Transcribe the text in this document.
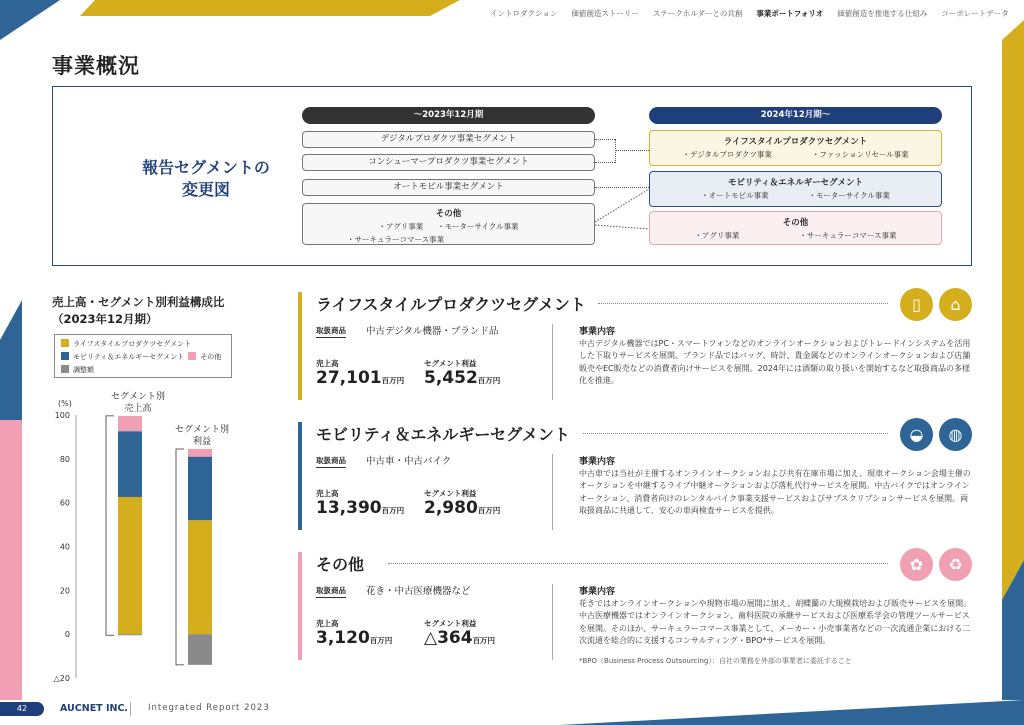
イントロダクション 価値創造ストーリー ステークホルダーとの共創 事業ポートフォリオ 価値創造を推進する仕組み コーポレートデータ
事業概況
報告セグメントの
変更図
～2023年12月期	2024年12月期～
デジタルプロダクツ事業セグメント
コンシューマープロダクツ事業セグメント
オートモビル事業セグメント
その他
・アグリ事業 ・モーターサイクル事業
・サーキュラーコマース事業
ライフスタイルプロダクツセグメント
・デジタルプロダクツ事業	・ファッションリセール事業
モビリティ＆エネルギーセグメント
・オートモビル事業	・モーターサイクル事業
その他
・アグリ事業	・サーキュラーコマース事業
売上高・セグメント別利益構成比
（2023年12月期）
ライフスタイルプロダクツセグメント
モビリティ＆エネルギーセグメント その他
調整額
(%)
100
80
60
40
20
0
△20
セグメント別
売上高
セグメント別
利益
ライフスタイルプロダクツセグメント	▯	⌂
取扱商品 中古デジタル機器・ブランド品
売上高
27,101百万円
セグメント利益
5,452百万円
事業内容
中古デジタル機器ではPC・スマートフォンなどのオンラインオークションおよびトレードインシステムを活用した下取りサービスを展開。ブランド品ではバッグ、時計、貴金属などのオンラインオークションおよび店舗販売やEC販売などの消費者向けサービスを展開。2024年には酒類の取り扱いを開始するなど取扱商品の多様化を推進。
モビリティ＆エネルギーセグメント	◒	◍
取扱商品 中古車・中古バイク
売上高
13,390百万円
セグメント利益
2,980百万円
事業内容
中古車では当社が主催するオンラインオークションおよび共有在庫市場に加え、現車オークション会場主催のオークションを中継するライブ中継オークションおよび落札代行サービスを展開。中古バイクではオンラインオークション、消費者向けのレンタルバイク事業支援サービスおよびサブスクリプションサービスを展開。両取扱商品に共通して、安心の車両検査サービスを提供。
その他	✿	♻
取扱商品 花き・中古医療機器など
売上高
3,120百万円
セグメント利益
△364百万円
事業内容
花きではオンラインオークションや現物市場の展開に加え、胡蝶蘭の大規模栽培および販売サービスを展開。中古医療機器ではオンラインオークション、歯科医院の承継サービスおよび医療系学会の管理ツールサービスを展開。そのほか、サーキュラーコマース事業として、メーカー・小売事業者などの一次流通企業における二次流通を総合的に支援するコンサルティング・BPO*サービスを展開。
*BPO（Business Process Outsourcing）：自社の業務を外部の事業者に委託すること
42	AUCNET INC. Integrated Report 2023
